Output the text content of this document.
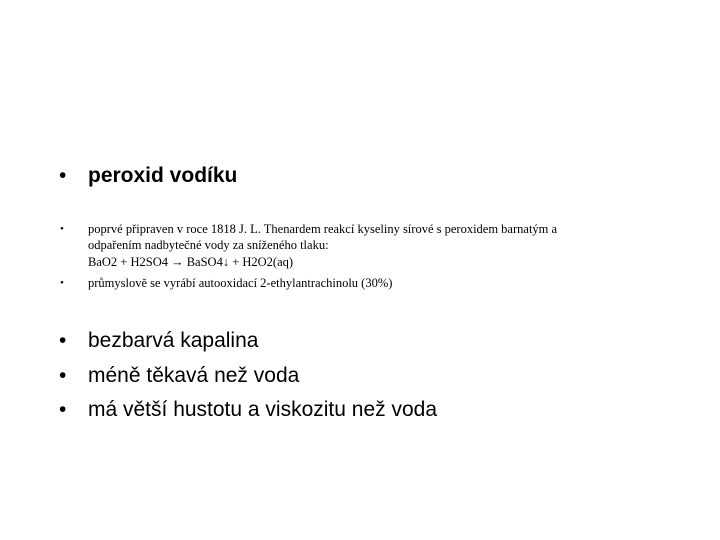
• peroxid vodíku
• poprvé připraven v roce 1818 J. L. Thenardem reakcí kyseliny sírové s peroxidem barnatým a
odpařením nadbytečné vody za sníženého tlaku:
BaO2 + H2SO4 → BaSO4↓ + H2O2(aq)
• průmyslově se vyrábí autooxidací 2-ethylantrachinolu (30%)
• bezbarvá kapalina
• méně těkavá než voda
• má větší hustotu a viskozitu než voda
